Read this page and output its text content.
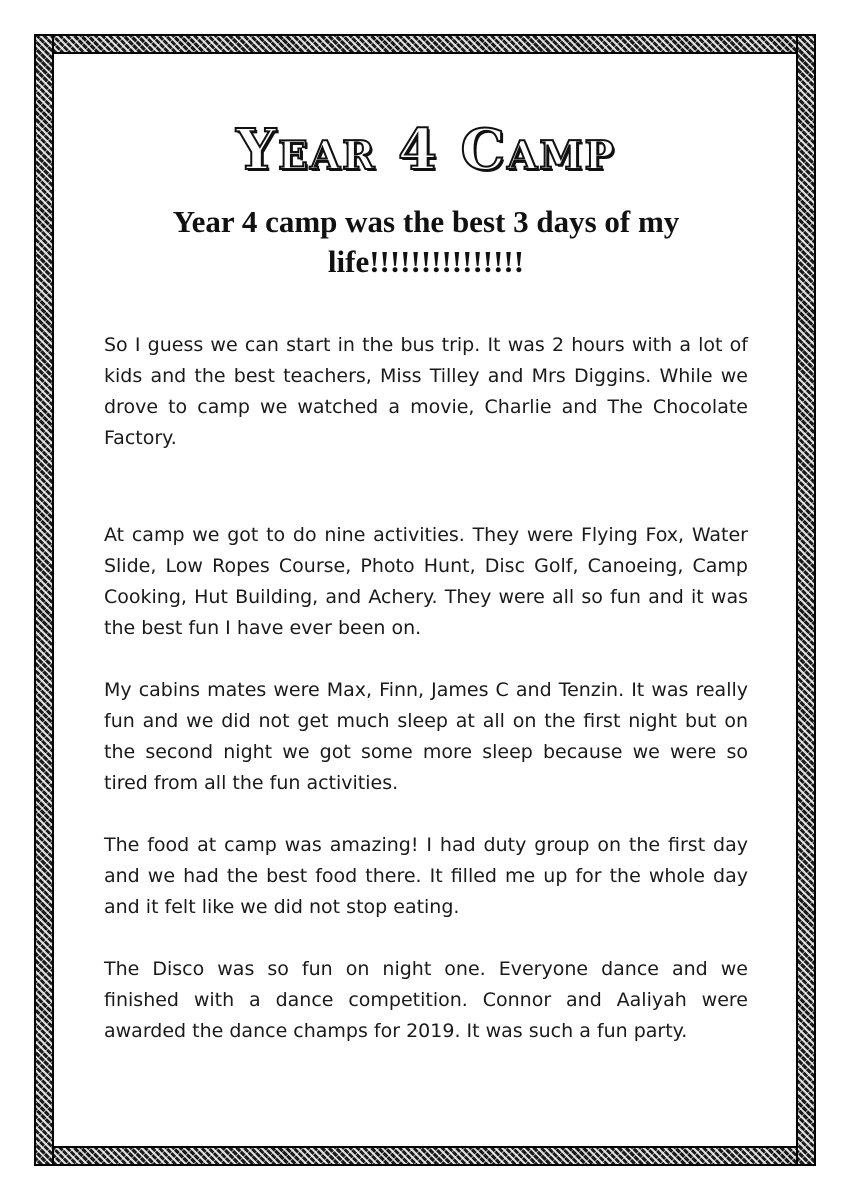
Year 4 Camp
Year 4 camp was the best 3 days of my life!!!!!!!!!!!!!!!

So I guess we can start in the bus trip. It was 2 hours with a lot of kids and the best teachers, Miss Tilley and Mrs Diggins. While we drove to camp we watched a movie, Charlie and The Chocolate Factory.

At camp we got to do nine activities. They were Flying Fox, Water Slide, Low Ropes Course, Photo Hunt, Disc Golf, Canoeing, Camp Cooking, Hut Building, and Achery. They were all so fun and it was the best fun I have ever been on.

My cabins mates were Max, Finn, James C and Tenzin. It was really fun and we did not get much sleep at all on the first night but on the second night we got some more sleep because we were so tired from all the fun activities.

The food at camp was amazing! I had duty group on the first day and we had the best food there. It filled me up for the whole day and it felt like we did not stop eating.

The Disco was so fun on night one. Everyone dance and we finished with a dance competition. Connor and Aaliyah were awarded the dance champs for 2019. It was such a fun party.
